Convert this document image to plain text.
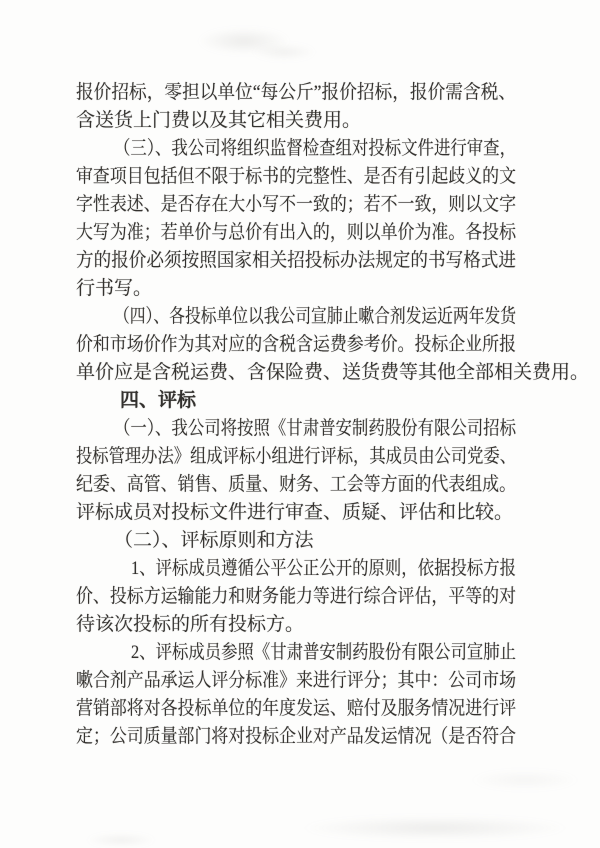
报价招标，零担以单位“每公斤”报价招标，报价需含税、
含送货上门费以及其它相关费用。
（三）、我公司将组织监督检查组对投标文件进行审查，
审查项目包括但不限于标书的完整性、是否有引起歧义的文
字性表述、是否存在大小写不一致的；若不一致，则以文字
大写为准；若单价与总价有出入的，则以单价为准。各投标
方的报价必须按照国家相关招投标办法规定的书写格式进
行书写。
（四）、各投标单位以我公司宣肺止嗽合剂发运近两年发货
价和市场价作为其对应的含税含运费参考价。投标企业所报
单价应是含税运费、含保险费、送货费等其他全部相关费用。
四、评标
（一）、我公司将按照《甘肃普安制药股份有限公司招标
投标管理办法》组成评标小组进行评标，其成员由公司党委、
纪委、高管、销售、质量、财务、工会等方面的代表组成。
评标成员对投标文件进行审查、质疑、评估和比较。
（二）、评标原则和方法
1、评标成员遵循公平公正公开的原则，依据投标方报
价、投标方运输能力和财务能力等进行综合评估，平等的对
待该次投标的所有投标方。
2、评标成员参照《甘肃普安制药股份有限公司宣肺止
嗽合剂产品承运人评分标准》来进行评分；其中：公司市场
营销部将对各投标单位的年度发运、赔付及服务情况进行评
定；公司质量部门将对投标企业对产品发运情况（是否符合
